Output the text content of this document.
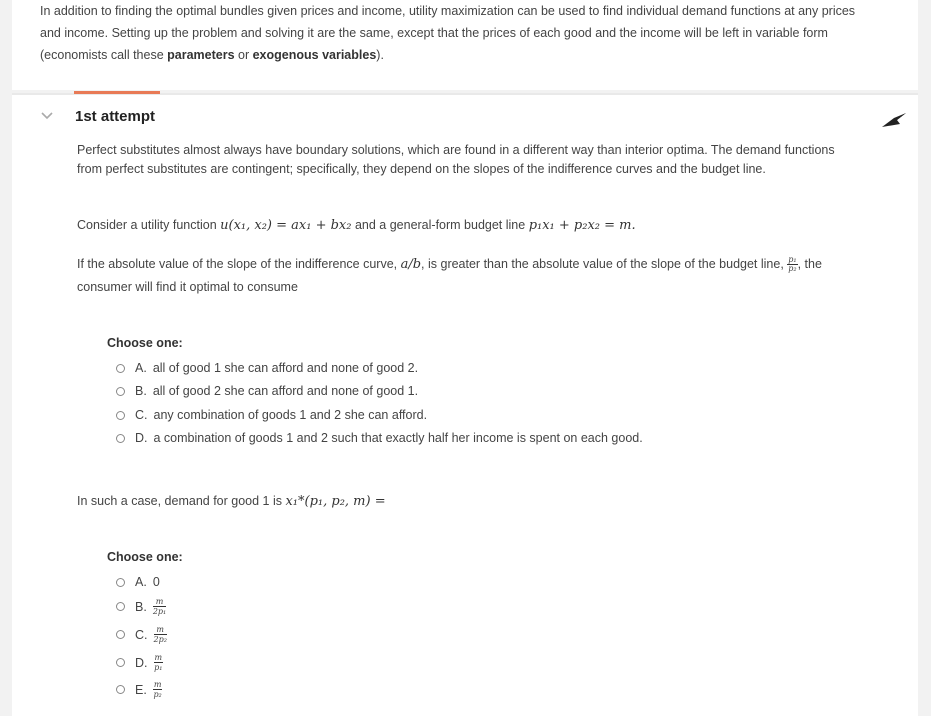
In addition to finding the optimal bundles given prices and income, utility maximization can be used to find individual demand functions at any prices and income. Setting up the problem and solving it are the same, except that the prices of each good and the income will be left in variable form (economists call these parameters or exogenous variables).
1st attempt
Perfect substitutes almost always have boundary solutions, which are found in a different way than interior optima. The demand functions from perfect substitutes are contingent; specifically, they depend on the slopes of the indifference curves and the budget line.
Consider a utility function u(x₁, x₂) = ax₁ + bx₂ and a general-form budget line p₁x₁ + p₂x₂ = m.
If the absolute value of the slope of the indifference curve, a/b, is greater than the absolute value of the slope of the budget line, $\frac{\text{p₁}}{\text{p₂}}$ , the
consumer will find it optimal to consume
Choose one:
A. all of good 1 she can afford and none of good 2.
B. all of good 2 she can afford and none of good 1.
C. any combination of goods 1 and 2 she can afford.
D. a combination of goods 1 and 2 such that exactly half her income is spent on each good.
In such a case, demand for good 1 is x₁*(p₁, p₂, m) =
Choose one:
A. 0
B. $\frac{m}{\text{2p₁}}$
C. $\frac{m}{\text{2p₂}}$
D. $\frac{m}{\text{p₁}}$
E. $\frac{m}{\text{p₂}}$
